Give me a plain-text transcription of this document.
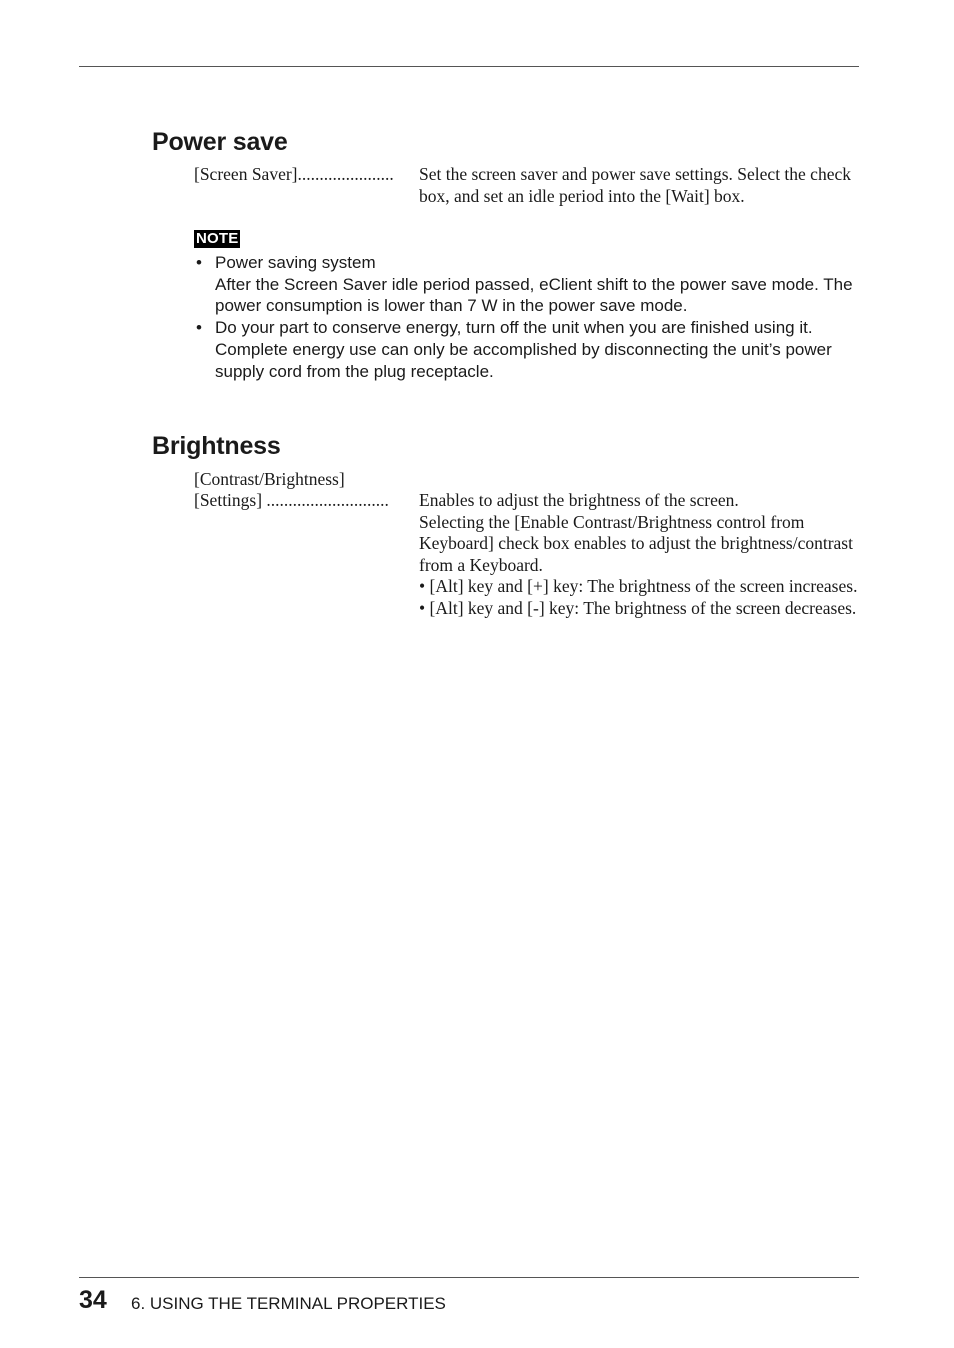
Power save
[Screen Saver]......................	Set the screen saver and power save settings. Select the check box, and set an idle period into the [Wait] box.
NOTE
• Power saving system
After the Screen Saver idle period passed, eClient shift to the power save mode. The power consumption is lower than 7 W in the power save mode.
• Do your part to conserve energy, turn off the unit when you are finished using it. Complete energy use can only be accomplished by disconnecting the unit’s power supply cord from the plug receptacle.
Brightness
[Contrast/Brightness]
[Settings] ............................	Enables to adjust the brightness of the screen.

Selecting the [Enable Contrast/Brightness control from Keyboard] check box enables to adjust the brightness/contrast from a Keyboard.

• [Alt] key and [+] key: The brightness of the screen increases.

• [Alt] key and [-] key: The brightness of the screen decreases.

34 6. USING THE TERMINAL PROPERTIES
